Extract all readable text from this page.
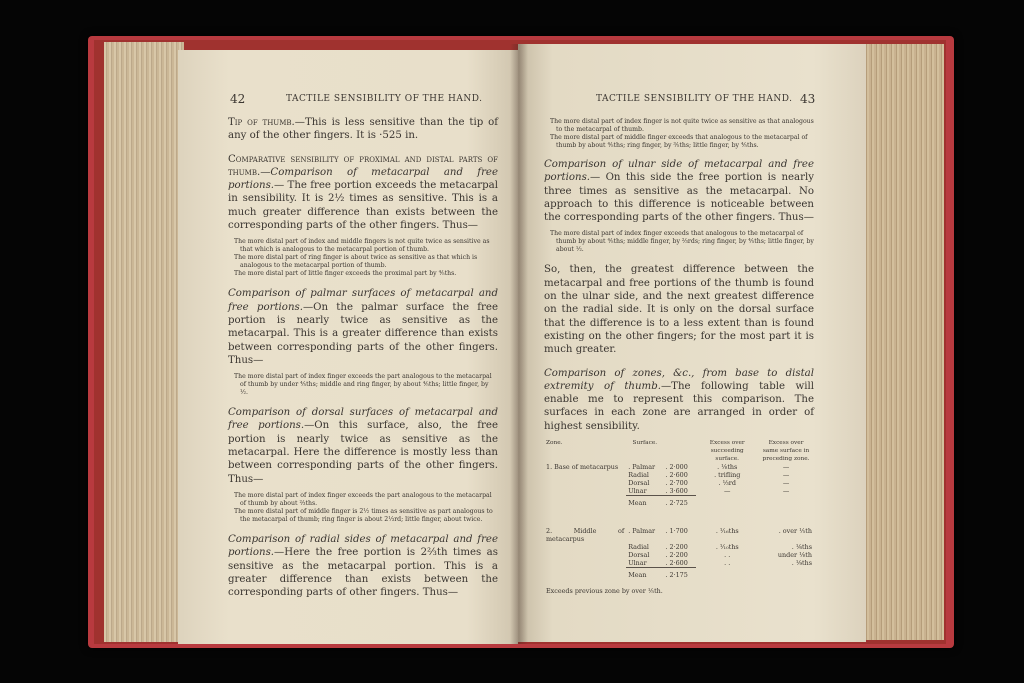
42	TACTILE SENSIBILITY OF THE HAND.

Tip of thumb.—This is less sensitive than the tip of any of the other fingers. It is ·525 in.

Comparative sensibility of proximal and distal parts of thumb.—Comparison of metacarpal and free portions.— The free portion exceeds the metacarpal in sensibility. It is 2½ times as sensitive. This is a much greater difference than exists between the corresponding parts of the other fingers. Thus—

The more distal part of index and middle fingers is not quite twice as sensitive as that which is analogous to the metacarpal portion of thumb.
The more distal part of ring finger is about twice as sensitive as that which is analogous to the metacarpal portion of thumb.
The more distal part of little finger exceeds the proximal part by ⅘ths.

Comparison of palmar surfaces of metacarpal and free portions.—On the palmar surface the free portion is nearly twice as sensitive as the metacarpal. This is a greater difference than exists between corresponding parts of the other fingers. Thus—

The more distal part of index finger exceeds the part analogous to the metacarpal of thumb by under ⅘ths; middle and ring finger, by about ⅘ths; little finger, by ½.

Comparison of dorsal surfaces of metacarpal and free portions.—On this surface, also, the free portion is nearly twice as sensitive as the metacarpal. Here the difference is mostly less than between corresponding parts of the other fingers. Thus—

The more distal part of index finger exceeds the part analogous to the metacarpal of thumb by about ⅔ths.
The more distal part of middle finger is 2½ times as sensitive as part analogous to the metacarpal of thumb; ring finger is about 2⅓rd; little finger, about twice.

Comparison of radial sides of metacarpal and free portions.—Here the free portion is 2⅔th times as sensitive as the metacarpal portion. This is a greater difference than exists between the corresponding parts of other fingers. Thus—

TACTILE SENSIBILITY OF THE HAND. 43
The more distal part of index finger is not quite twice as sensitive as that analogous to the metacarpal of thumb.
The more distal part of middle finger exceeds that analogous to the metacarpal of thumb by about ⅘ths; ring finger, by ⅗ths; little finger, by ⅘ths.

Comparison of ulnar side of metacarpal and free portions.— On this side the free portion is nearly three times as sensitive as the metacarpal. No approach to this difference is noticeable between the corresponding parts of the other fingers. Thus—

The more distal part of index finger exceeds that analogous to the metacarpal of thumb by about ⅘ths; middle finger, by ⅔rds; ring finger, by ⅘ths; little finger, by about ½.

So, then, the greatest difference between the metacarpal and free portions of the thumb is found on the ulnar side, and the next greatest difference on the radial side. It is only on the dorsal surface that the difference is to a less extent than is found existing on the other fingers; for the most part it is much greater.

Comparison of zones, &c., from base to distal extremity of thumb.—The following table will enable me to represent this comparison. The surfaces in each zone are arranged in order of highest sensibility.

Zone.	Surface.		Excess over succeeding surface.	Excess over same surface in preceding zone.
1. Base of metacarpus	. Palmar	. 2·000	. ⅛ths	—
	Radial	. 2·600	. trifling	—
	Dorsal	. 2·700	. ⅓rd	—
	Ulnar	. 3·600	—	—
	Mean	. 2·725		

2. Middle of metacarpus	. Palmar	. 1·700	. ⅟₁₆ths	. over ⅕th
	Radial	. 2·200	. ⅟₁₀ths	. ⅙ths
	Dorsal	. 2·200	. .	under ⅛th
	Ulnar	. 2·600	. .	. ⅑ths
	Mean	. 2·175		

Exceeds previous zone by over ⅕th.				
